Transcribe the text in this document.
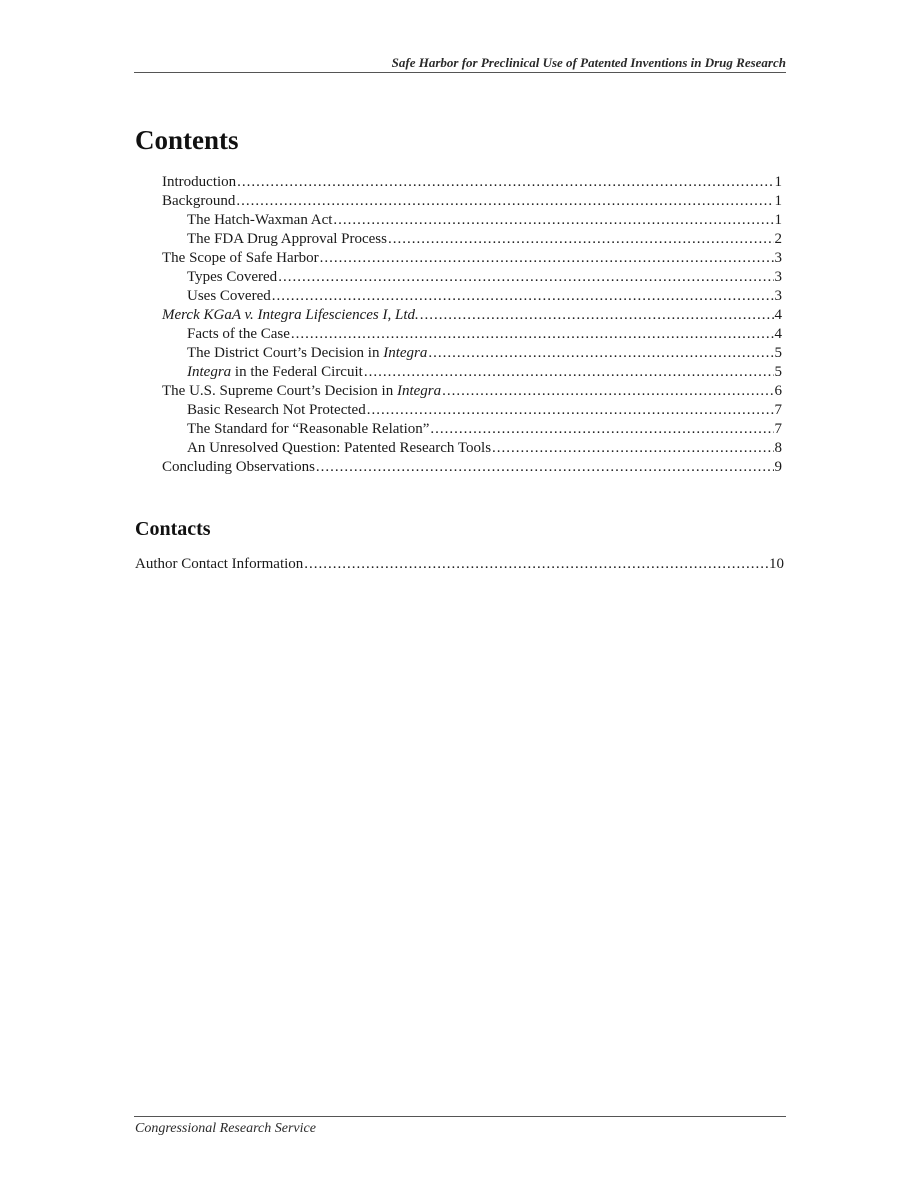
Safe Harbor for Preclinical Use of Patented Inventions in Drug Research
Contents
Introduction .....	1
Background .....	1
The Hatch-Waxman Act .....	1
The FDA Drug Approval Process .....	2
The Scope of Safe Harbor .....	3
Types Covered .....	3
Uses Covered .....	3
Merck KGaA v. Integra Lifesciences I, Ltd. .....	4
Facts of the Case .....	4
The District Court’s Decision in Integra .....	5
Integra in the Federal Circuit .....	5
The U.S. Supreme Court’s Decision in Integra .....	6
Basic Research Not Protected .....	7
The Standard for “Reasonable Relation” .....	7
An Unresolved Question: Patented Research Tools .....	8
Concluding Observations .....	9
Contacts
Author Contact Information .....	10
Congressional Research Service
